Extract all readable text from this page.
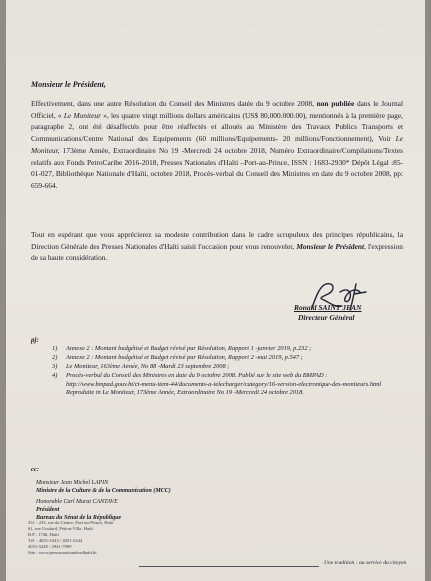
Monsieur le Président,
Effectivement, dans une autre Résolution du Conseil des Ministres datée du 9 octobre 2008, non publiée dans le Journal Officiel, « Le Moniteur », les quatre vingt millions dollars américains (US$ 80,000.000.00), mentionnés à la première page, paragraphe 2, ont été désaffectés pour être réaffectés et alloués au Ministère des Travaux Publics Transports et Communications/Centre National des Equipements (60 millions/Equipements- 20 millions/Fonctionnement), Voir Le Moniteur, 173ème Année, Extraordinaire No 19 -Mercredi 24 octobre 2018, Numéro Extraordinaire/Compilations/Textes relatifs aux Fonds PetroCaribe 2016-2018, Presses Nationales d'Haïti –Port-au-Prince, ISSN : 1683-2930* Dépôt Légal :85-01-027, Bibliothèque Nationale d'Haïti, octobre 2018, Procès-verbal du Conseil des Ministres en date du 9 octobre 2008, pp: 659-664.
Tout en espérant que vous apprécierez sa modeste contribution dans le cadre scrupuleux des principes républicains, la Direction Générale des Presses Nationales d'Haïti saisit l'occasion pour vous renouveler, Monsieur le Président, l'expression de sa haute considération.
Ronald SAINT JEAN
Directeur Général
pj:
1) Annexe 2 : Montant budgétisé et Budget révisé par Résolution, Rapport 1 -janvier 2019, p.232 ;
2) Annexe 2 : Montant budgétisé et Budget révisé par Résolution, Rapport 2 -mai 2019, p.547 ;
3) Le Moniteur, 163ème Année, No 88 -Mardi 23 septembre 2008 ;
4) Procès-verbal du Conseil des Ministres en date du 9 octobre 2008. Publié sur le site web du BMPAD : http://www.bmpad.gouv.ht/ct-menu-item-44/documents-a-telecharger/category/16-version-electronique-des-moniteurs.html Reproduite in Le Moniteur, 173ème Année, Extraordinaire No 19 -Mercredi 24 octobre 2018.
cc:
Monsieur Jean Michel LAPIN
Ministre de la Culture & de la Communication (MCC)
Honorable Carl Murat CANTAVE
Président
Bureau du Sénat de la République
231 - 233, rue du Centre, Port-au-Prince, Haïti
61, rue Goulard, Pétion-Ville, Haïti
B.P : 1746, Haïti
Tél. : 4051-5243 / 4051-5244
4051-5249 / 2941-7909
Site : www.pressesnationalesdhaiti.ht
Une tradition : au service du citoyen
